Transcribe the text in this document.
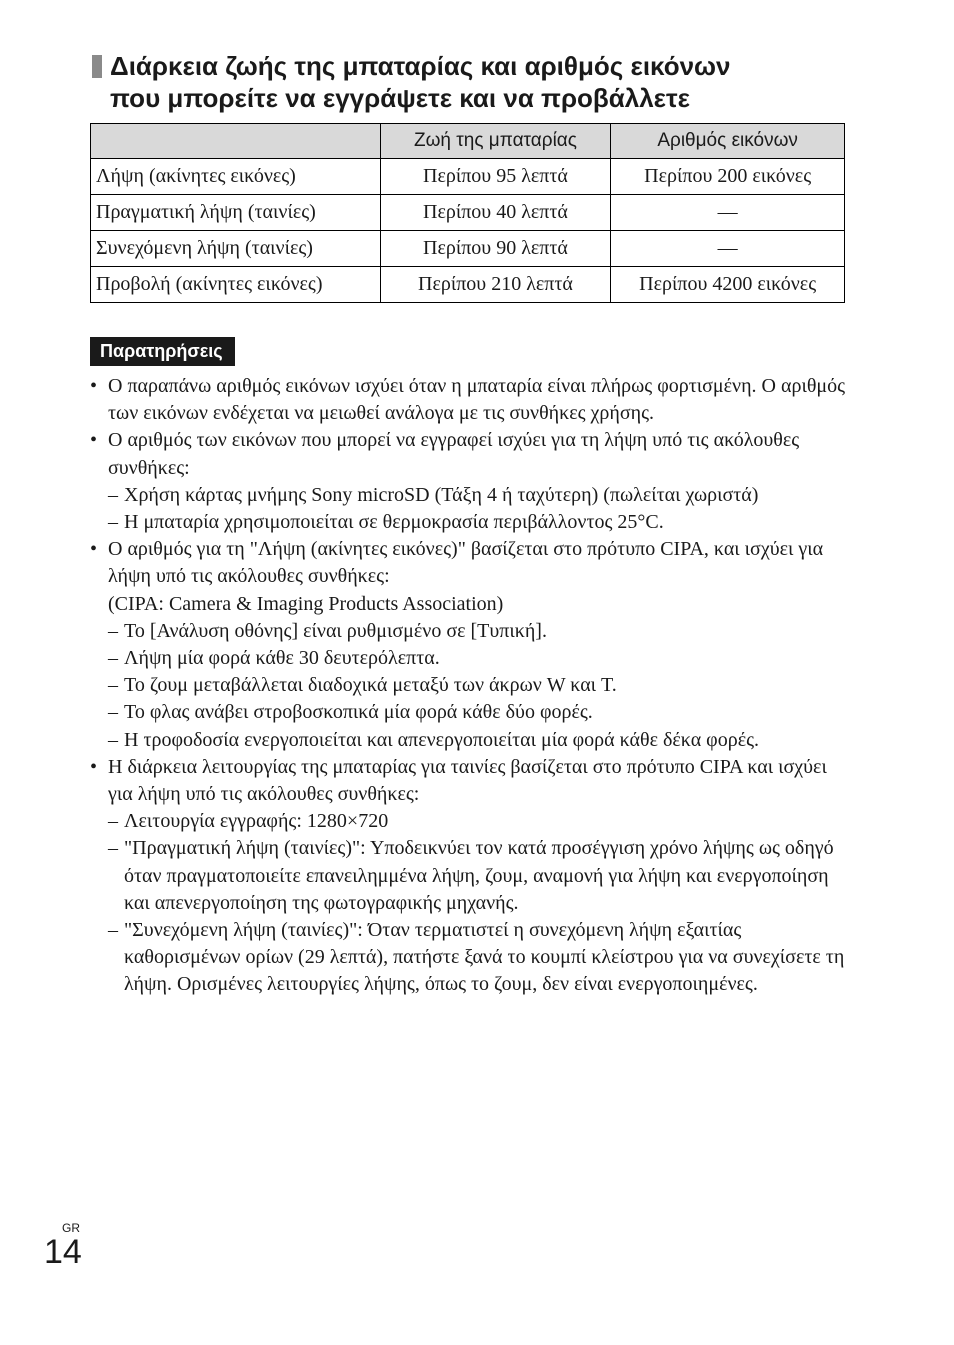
Διάρκεια ζωής της μπαταρίας και αριθμός εικόνων
που μπορείτε να εγγράψετε και να προβάλλετε
	Ζωή της μπαταρίας	Αριθμός εικόνων
Λήψη (ακίνητες εικόνες)	Περίπου 95 λεπτά	Περίπου 200 εικόνες
Πραγματική λήψη (ταινίες)	Περίπου 40 λεπτά	—
Συνεχόμενη λήψη (ταινίες)	Περίπου 90 λεπτά	—
Προβολή (ακίνητες εικόνες)	Περίπου 210 λεπτά	Περίπου 4200 εικόνες
Παρατηρήσεις

• Ο παραπάνω αριθμός εικόνων ισχύει όταν η μπαταρία είναι πλήρως φορτισμένη. Ο αριθμός των εικόνων ενδέχεται να μειωθεί ανάλογα με τις συνθήκες χρήσης.

• Ο αριθμός των εικόνων που μπορεί να εγγραφεί ισχύει για τη λήψη υπό τις ακόλουθες συνθήκες:

– Χρήση κάρτας μνήμης Sony microSD (Τάξη 4 ή ταχύτερη) (πωλείται χωριστά)

– Η μπαταρία χρησιμοποιείται σε θερμοκρασία περιβάλλοντος 25°C.

• Ο αριθμός για τη "Λήψη (ακίνητες εικόνες)" βασίζεται στο πρότυπο CIPA, και ισχύει για λήψη υπό τις ακόλουθες συνθήκες:

(CIPA: Camera & Imaging Products Association)

– Το [Ανάλυση οθόνης] είναι ρυθμισμένο σε [Τυπική].

– Λήψη μία φορά κάθε 30 δευτερόλεπτα.

– Το ζουμ μεταβάλλεται διαδοχικά μεταξύ των άκρων W και T.

– Το φλας ανάβει στροβοσκοπικά μία φορά κάθε δύο φορές.

– Η τροφοδοσία ενεργοποιείται και απενεργοποιείται μία φορά κάθε δέκα φορές.

• Η διάρκεια λειτουργίας της μπαταρίας για ταινίες βασίζεται στο πρότυπο CIPA και ισχύει για λήψη υπό τις ακόλουθες συνθήκες:

– Λειτουργία εγγραφής: 1280×720

– "Πραγματική λήψη (ταινίες)": Υποδεικνύει τον κατά προσέγγιση χρόνο λήψης ως οδηγό όταν πραγματοποιείτε επανειλημμένα λήψη, ζουμ, αναμονή για λήψη και ενεργοποίηση και απενεργοποίηση της φωτογραφικής μηχανής.

– "Συνεχόμενη λήψη (ταινίες)": Όταν τερματιστεί η συνεχόμενη λήψη εξαιτίας καθορισμένων ορίων (29 λεπτά), πατήστε ξανά το κουμπί κλείστρου για να συνεχίσετε τη λήψη. Ορισμένες λειτουργίες λήψης, όπως το ζουμ, δεν είναι ενεργοποιημένες.

GR
14
